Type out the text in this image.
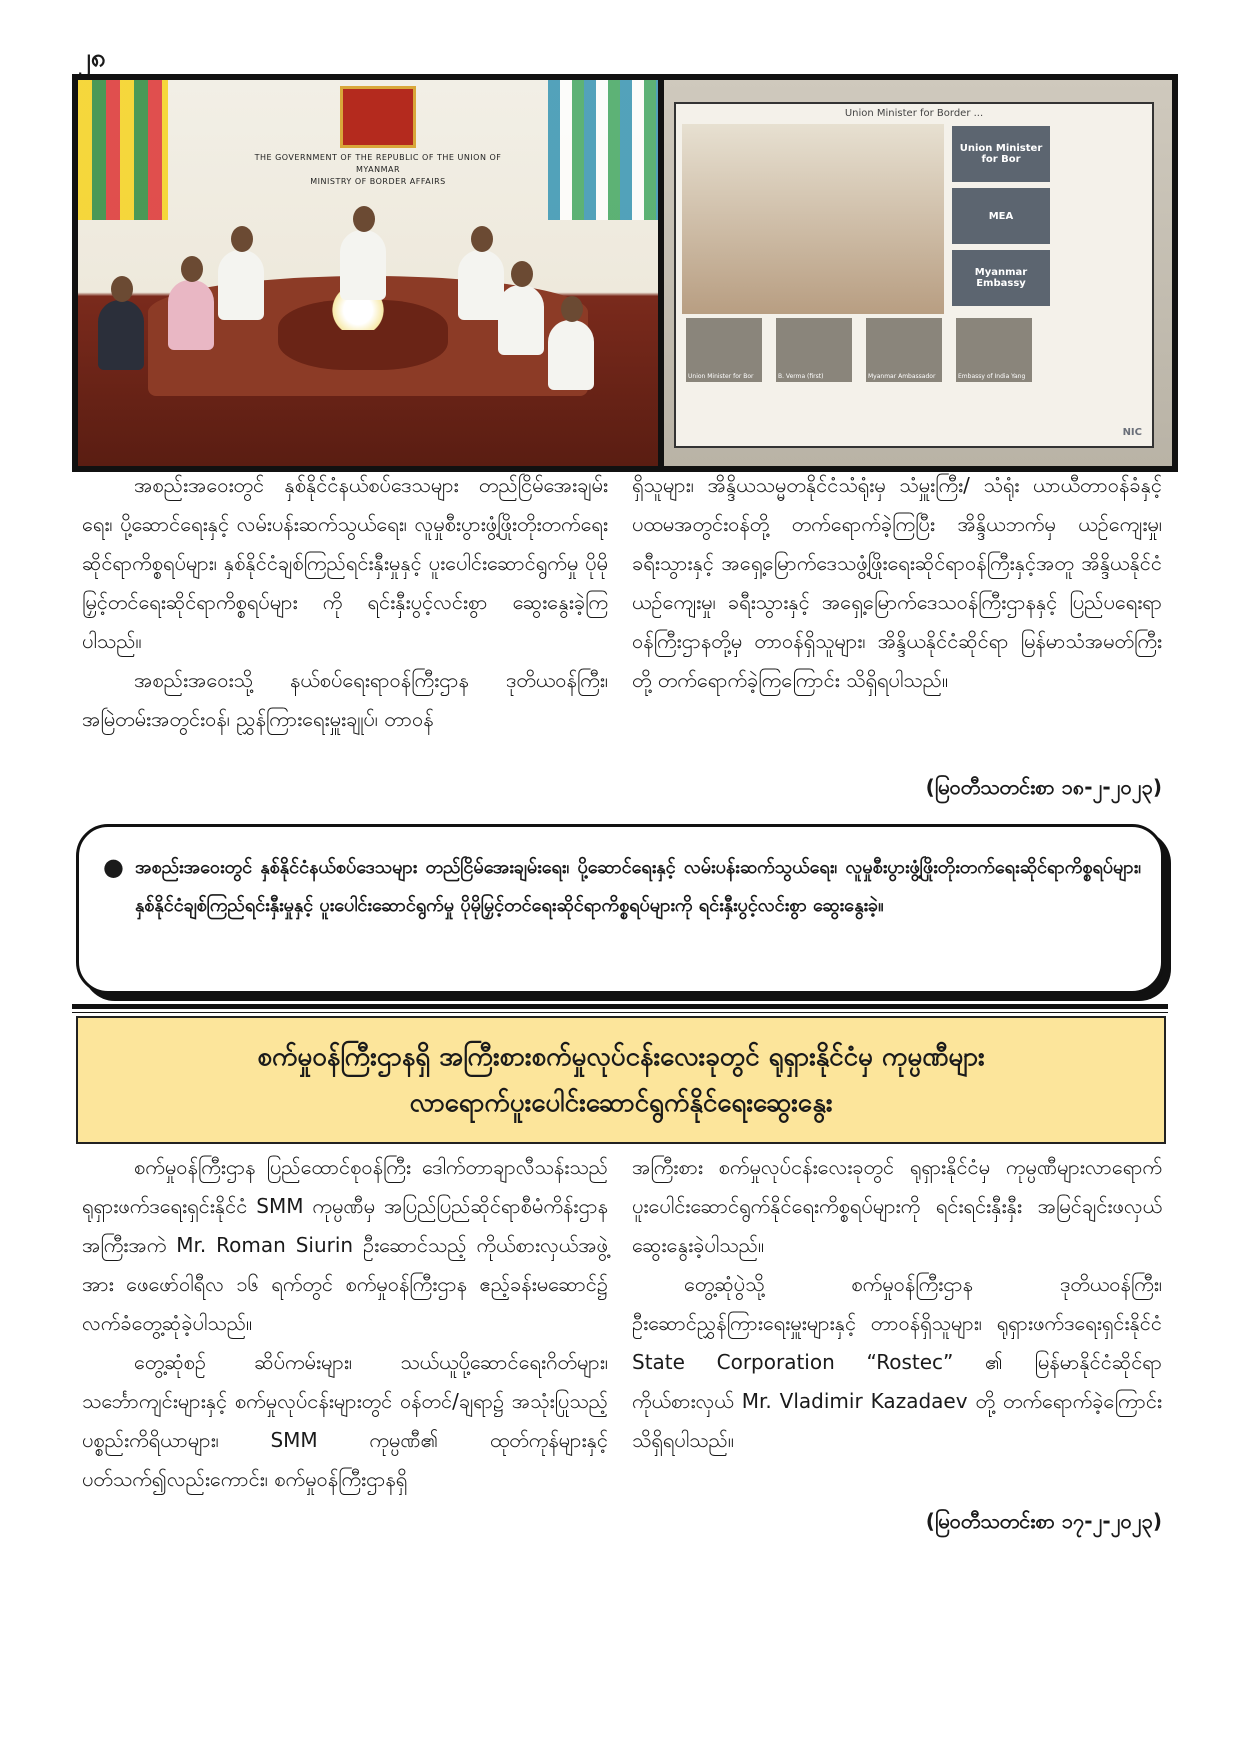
၂၈
THE GOVERNMENT OF THE REPUBLIC OF THE UNION OF MYANMAR
MINISTRY OF BORDER AFFAIRS
Union Minister for Border ...
Union Minister for Bor
MEA
Myanmar Embassy
Union Minister for Bor	B. Verma (first)	Myanmar Ambassador	Embassy of India Yang
NIC

အစည်းအဝေးတွင် နှစ်နိုင်ငံနယ်စပ်ဒေသများ တည်ငြိမ်အေးချမ်းရေး၊ ပို့ဆောင်ရေးနှင့် လမ်းပန်းဆက်သွယ်ရေး၊ လူမှုစီးပွားဖွံ့ဖြိုးတိုးတက်ရေးဆိုင်ရာကိစ္စရပ်များ၊ နှစ်နိုင်ငံချစ်ကြည်ရင်းနှီးမှုနှင့် ပူးပေါင်းဆောင်ရွက်မှု ပိုမိုမြှင့်တင်ရေးဆိုင်ရာကိစ္စရပ်များ ကို ရင်းနှီးပွင့်လင်းစွာ ဆွေးနွေးခဲ့ကြပါသည်။

အစည်းအဝေးသို့ နယ်စပ်ရေးရာဝန်ကြီးဌာန ဒုတိယဝန်ကြီး၊ အမြဲတမ်းအတွင်းဝန်၊ ညွှန်ကြားရေးမှူးချုပ်၊ တာဝန်

ရှိသူများ၊ အိန္ဒိယသမ္မတနိုင်ငံသံရုံးမှ သံမှူးကြီး/ သံရုံး ယာယီတာဝန်ခံနှင့် ပထမအတွင်းဝန်တို့ တက်ရောက်ခဲ့ကြပြီး အိန္ဒိယဘက်မှ ယဉ်ကျေးမှု၊ ခရီးသွားနှင့် အရှေ့မြောက်ဒေသဖွံ့ဖြိုးရေးဆိုင်ရာဝန်ကြီးနှင့်အတူ အိန္ဒိယနိုင်ငံ ယဉ်ကျေးမှု၊ ခရီးသွားနှင့် အရှေ့မြောက်ဒေသဝန်ကြီးဌာနနှင့် ပြည်ပရေးရာဝန်ကြီးဌာနတို့မှ တာဝန်ရှိသူများ၊ အိန္ဒိယနိုင်ငံဆိုင်ရာ မြန်မာသံအမတ်ကြီးတို့ တက်ရောက်ခဲ့ကြကြောင်း သိရှိရပါသည်။

(မြဝတီသတင်းစာ ၁၈-၂-၂၀၂၃)
● အစည်းအဝေးတွင် နှစ်နိုင်ငံနယ်စပ်ဒေသများ တည်ငြိမ်အေးချမ်းရေး၊ ပို့ဆောင်ရေးနှင့် လမ်းပန်းဆက်သွယ်ရေး၊ လူမှုစီးပွားဖွံ့ဖြိုးတိုးတက်ရေးဆိုင်ရာကိစ္စရပ်များ၊ နှစ်နိုင်ငံချစ်ကြည်ရင်းနှီးမှုနှင့် ပူးပေါင်းဆောင်ရွက်မှု ပိုမိုမြှင့်တင်ရေးဆိုင်ရာကိစ္စရပ်များကို ရင်းနှီးပွင့်လင်းစွာ ဆွေးနွေးခဲ့။
စက်မှုဝန်ကြီးဌာနရှိ အကြီးစားစက်မှုလုပ်ငန်းလေးခုတွင် ရုရှားနိုင်ငံမှ ကုမ္ပဏီများ
လာရောက်ပူးပေါင်းဆောင်ရွက်နိုင်ရေးဆွေးနွေး

စက်မှုဝန်ကြီးဌာန ပြည်ထောင်စုဝန်ကြီး ဒေါက်တာချာလီသန်းသည် ရုရှားဖက်ဒရေးရှင်းနိုင်ငံ SMM ကုမ္ပဏီမှ အပြည်ပြည်ဆိုင်ရာစီမံကိန်းဌာနအကြီးအကဲ Mr. Roman Siurin ဦးဆောင်သည့် ကိုယ်စားလှယ်အဖွဲ့အား ဖေဖော်ဝါရီလ ၁၆ ရက်တွင် စက်မှုဝန်ကြီးဌာန ဧည့်ခန်းမဆောင်၌ လက်ခံတွေ့ဆုံခဲ့ပါသည်။

တွေ့ဆုံစဉ် ဆိပ်ကမ်းများ၊ သယ်ယူပို့ဆောင်ရေးဂိတ်များ၊ သင်္ဘောကျင်းများနှင့် စက်မှုလုပ်ငန်းများတွင် ဝန်တင်/ချရာ၌ အသုံးပြုသည့် ပစ္စည်းကိရိယာများ၊ SMM ကုမ္ပဏီ၏ ထုတ်ကုန်များနှင့်ပတ်သက်၍လည်းကောင်း၊ စက်မှုဝန်ကြီးဌာနရှိ

အကြီးစား စက်မှုလုပ်ငန်းလေးခုတွင် ရုရှားနိုင်ငံမှ ကုမ္ပဏီများလာရောက်ပူးပေါင်းဆောင်ရွက်နိုင်ရေးကိစ္စရပ်များကို ရင်းရင်းနှီးနှီး အမြင်ချင်းဖလှယ် ဆွေးနွေးခဲ့ပါသည်။

တွေ့ဆုံပွဲသို့ စက်မှုဝန်ကြီးဌာန ဒုတိယဝန်ကြီး၊ ဦးဆောင်ညွှန်ကြားရေးမှူးများနှင့် တာဝန်ရှိသူများ၊ ရုရှားဖက်ဒရေးရှင်းနိုင်ငံ State Corporation “Rostec” ၏ မြန်မာနိုင်ငံဆိုင်ရာကိုယ်စားလှယ် Mr. Vladimir Kazadaev တို့ တက်ရောက်ခဲ့ကြောင်း သိရှိရပါသည်။

(မြဝတီသတင်းစာ ၁၇-၂-၂၀၂၃)
